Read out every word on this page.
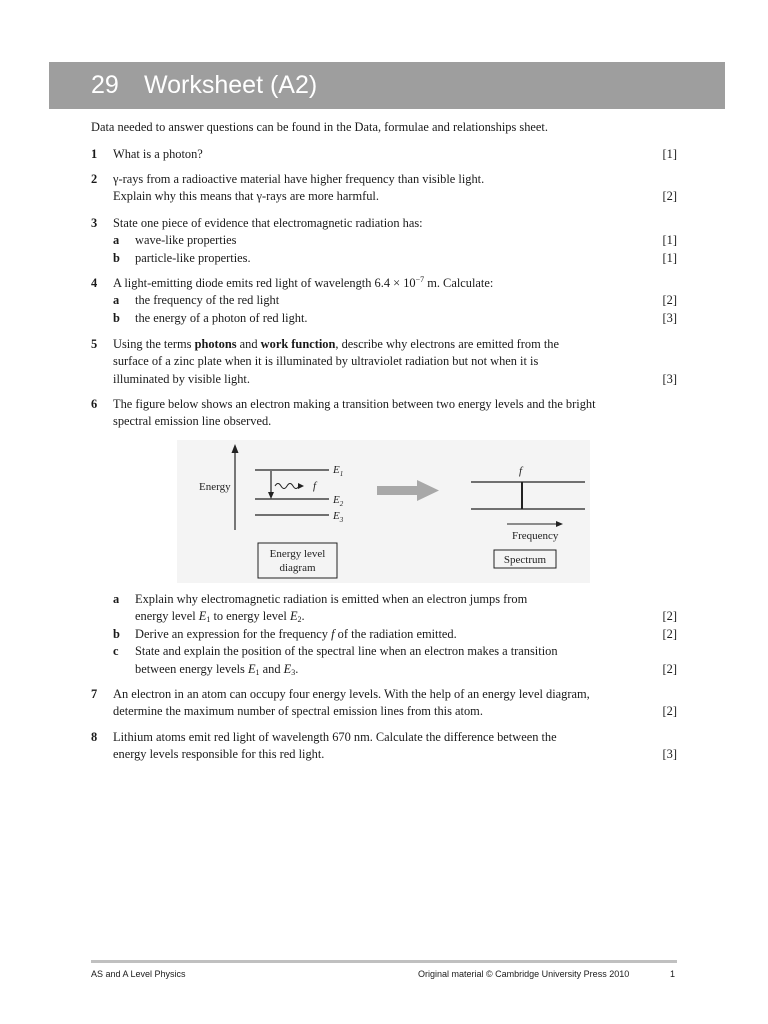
29 Worksheet (A2)
Data needed to answer questions can be found in the Data, formulae and relationships sheet.
1 What is a photon?	[1]
2 γ-rays from a radioactive material have higher frequency than visible light.
Explain why this means that γ-rays are more harmful.	[2]
3 State one piece of evidence that electromagnetic radiation has:
a wave-like properties	[1]
b particle-like properties.	[1]
4 A light-emitting diode emits red light of wavelength $6.4 \times 10^{-7}$ m. Calculate:
a the frequency of the red light	[2]
b the energy of a photon of red light.	[3]
5 Using the terms photons and work function, describe why electrons are emitted from the
surface of a zinc plate when it is illuminated by ultraviolet radiation but not when it is
illuminated by visible light.	[3]
6 The figure below shows an electron making a transition between two energy levels and the bright
spectral emission line observed.
Energy
$E_1$
$E_2$
$E_3$
f
f
Frequency
Energy level
diagram
Spectrum
a Explain why electromagnetic radiation is emitted when an electron jumps from
energy level $E_1$ to energy level $E_2$.	[2]
b Derive an expression for the frequency f of the radiation emitted.	[2]
c State and explain the position of the spectral line when an electron makes a transition
between energy levels $E_1$ and $E_3$.	[2]
7 An electron in an atom can occupy four energy levels. With the help of an energy level diagram,
determine the maximum number of spectral emission lines from this atom.	[2]
8 Lithium atoms emit red light of wavelength 670 nm. Calculate the difference between the
energy levels responsible for this red light.	[3]
AS and A Level Physics	Original material © Cambridge University Press 2010	1
